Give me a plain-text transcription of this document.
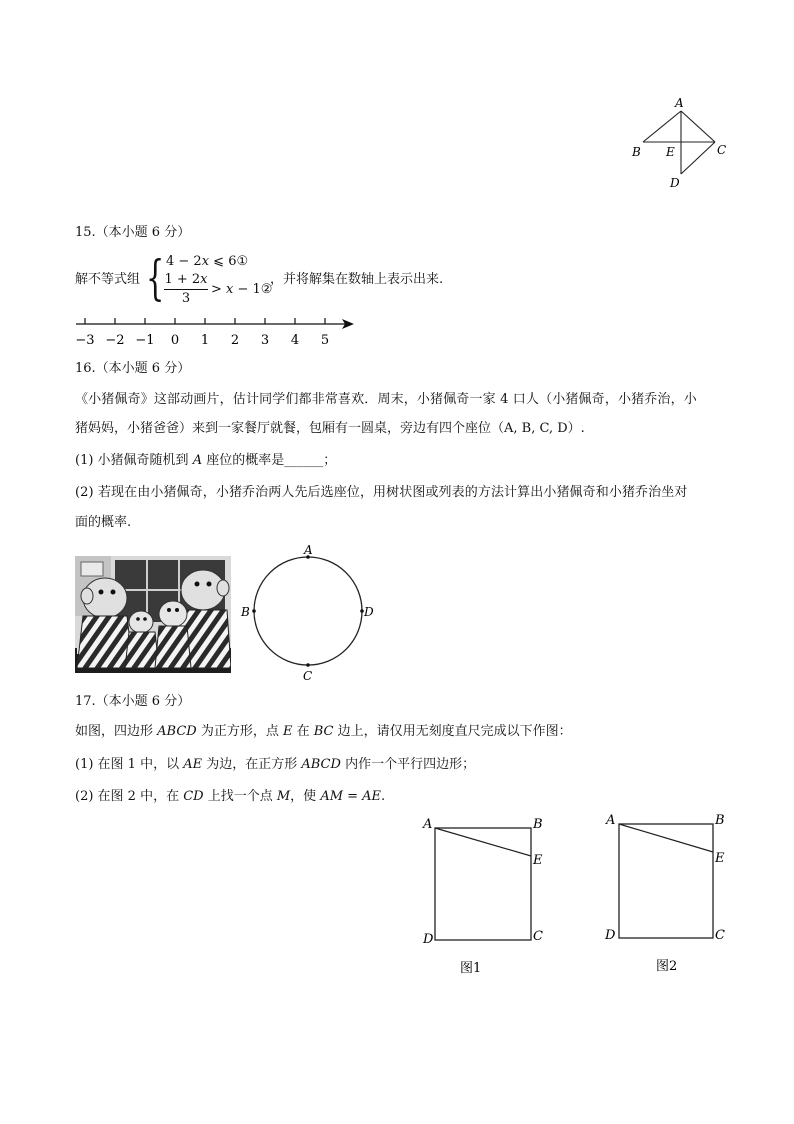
A
B E	C
D
15.（本小题 6 分）
解不等式组 { 4 − 2x ⩽ 6①
$\frac{1 + 2x}{3} > x$ − 1②
，并将解集在数轴上表示出来.
−3 −2 −1 0 1 2 3 4 5
16.（本小题 6 分）
《小猪佩奇》这部动画片，估计同学们都非常喜欢．周末，小猪佩奇一家 4 口人（小猪佩奇，小猪乔治，小
猪妈妈，小猪爸爸）来到一家餐厅就餐，包厢有一圆桌，旁边有四个座位（A, B, C, D）.
(1) 小猪佩奇随机到 A 座位的概率是______；
(2) 若现在由小猪佩奇，小猪乔治两人先后选座位，用树状图或列表的方法计算出小猪佩奇和小猪乔治坐对
面的概率.
A
B
C
D
17.（本小题 6 分）
如图，四边形 ABCD 为正方形，点 E 在 BC 边上，请仅用无刻度直尺完成以下作图：
(1) 在图 1 中，以 AE 为边，在正方形 ABCD 内作一个平行四边形；
(2) 在图 2 中，在 CD 上找一个点 M，使 AM = AE.
A	B
E
D	C
图1
A	B
E
D	C
图2
